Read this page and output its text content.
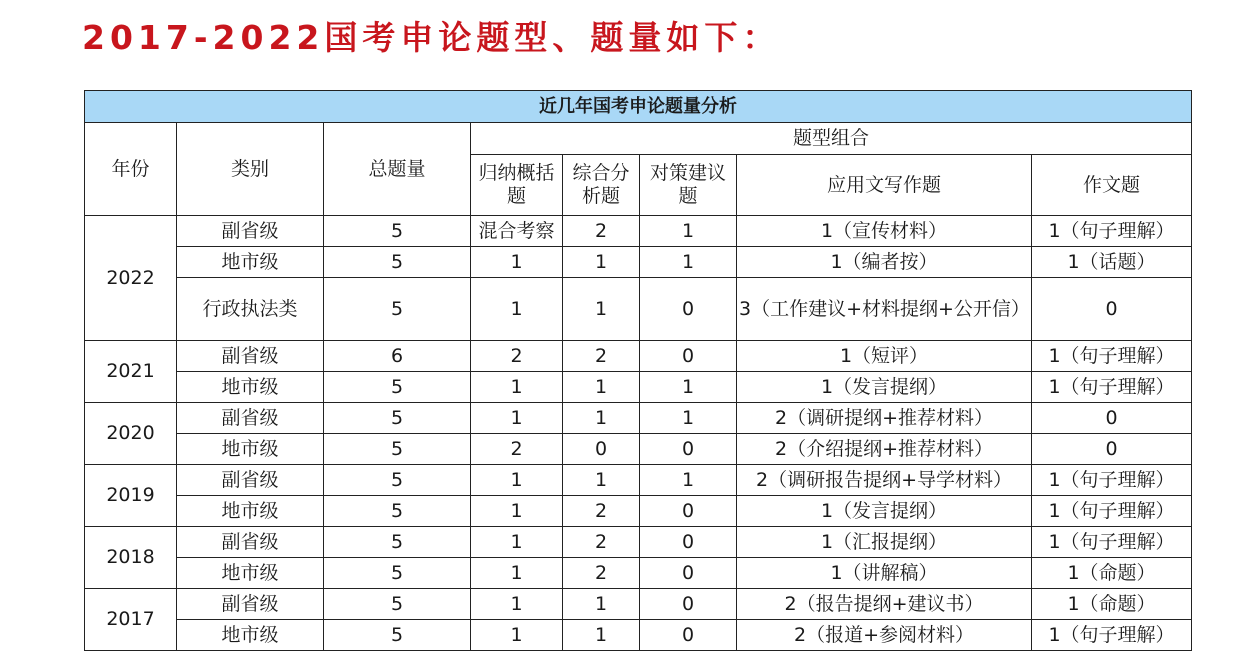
2017-2022国考申论题型、题量如下：
近几年国考申论题量分析							
年份	类别	总题量	题型组合				
			归纳概括题	综合分析题	对策建议题	应用文写作题	作文题
2022	副省级	5	混合考察	2	1	1（宣传材料）	1（句子理解）
	地市级	5	1	1	1	1（编者按）	1（话题）
	行政执法类	5	1	1	0	3（工作建议+材料提纲+公开信）	0
2021	副省级	6	2	2	0	1（短评）	1（句子理解）
	地市级	5	1	1	1	1（发言提纲）	1（句子理解）
2020	副省级	5	1	1	1	2（调研提纲+推荐材料）	0
	地市级	5	2	0	0	2（介绍提纲+推荐材料）	0
2019	副省级	5	1	1	1	2（调研报告提纲+导学材料）	1（句子理解）
	地市级	5	1	2	0	1（发言提纲）	1（句子理解）
2018	副省级	5	1	2	0	1（汇报提纲）	1（句子理解）
	地市级	5	1	2	0	1（讲解稿）	1（命题）
2017	副省级	5	1	1	0	2（报告提纲+建议书）	1（命题）
	地市级	5	1	1	0	2（报道+参阅材料）	1（句子理解）
